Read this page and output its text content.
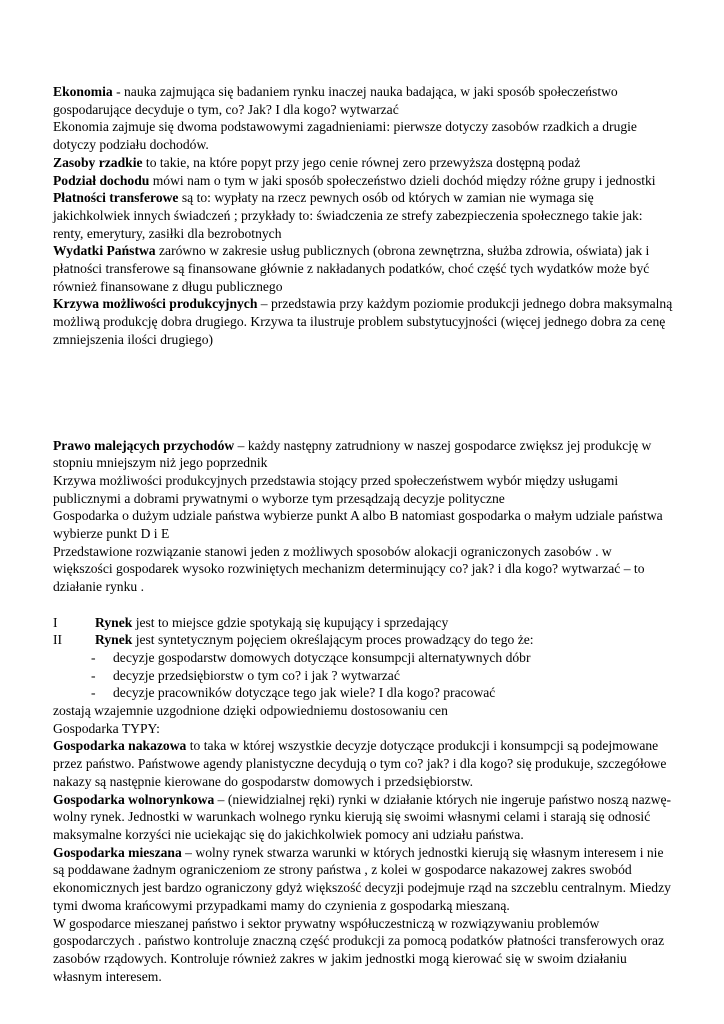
Ekonomia - nauka zajmująca się badaniem rynku inaczej nauka badająca, w jaki sposób społeczeństwo gospodarujące decyduje o tym, co? Jak? I dla kogo? wytwarzać

Ekonomia zajmuje się dwoma podstawowymi zagadnieniami: pierwsze dotyczy zasobów rzadkich a drugie dotyczy podziału dochodów.

Zasoby rzadkie to takie, na które popyt przy jego cenie równej zero przewyższa dostępną podaż

Podział dochodu mówi nam o tym w jaki sposób społeczeństwo dzieli dochód między różne grupy i jednostki

Płatności transferowe są to: wypłaty na rzecz pewnych osób od których w zamian nie wymaga się jakichkolwiek innych świadczeń ; przykłady to: świadczenia ze strefy zabezpieczenia społecznego takie jak: renty, emerytury, zasiłki dla bezrobotnych

Wydatki Państwa zarówno w zakresie usług publicznych (obrona zewnętrzna, służba zdrowia, oświata) jak i płatności transferowe są finansowane głównie z nakładanych podatków, choć część tych wydatków może być również finansowane z długu publicznego

Krzywa możliwości produkcyjnych – przedstawia przy każdym poziomie produkcji jednego dobra maksymalną możliwą produkcję dobra drugiego. Krzywa ta ilustruje problem substytucyjności (więcej jednego dobra za cenę zmniejszenia ilości drugiego)

Prawo malejących przychodów – każdy następny zatrudniony w naszej gospodarce zwiększ jej produkcję w stopniu mniejszym niż jego poprzednik

Krzywa możliwości produkcyjnych przedstawia stojący przed społeczeństwem wybór między usługami publicznymi a dobrami prywatnymi o wyborze tym przesądzają decyzje polityczne

Gospodarka o dużym udziale państwa wybierze punkt A albo B natomiast gospodarka o małym udziale państwa wybierze punkt D i E

Przedstawione rozwiązanie stanowi jeden z możliwych sposobów alokacji ograniczonych zasobów . w większości gospodarek wysoko rozwiniętych mechanizm determinujący co? jak? i dla kogo? wytwarzać – to działanie rynku .

I	Rynek jest to miejsce gdzie spotykają się kupujący i sprzedający
II	Rynek jest syntetycznym pojęciem określającym proces prowadzący do tego że:
-	decyzje gospodarstw domowych dotyczące konsumpcji alternatywnych dóbr
-	decyzje przedsiębiorstw o tym co? i jak ? wytwarzać
-	decyzje pracowników dotyczące tego jak wiele? I dla kogo? pracować

zostają wzajemnie uzgodnione dzięki odpowiedniemu dostosowaniu cen

Gospodarka TYPY:

Gospodarka nakazowa to taka w której wszystkie decyzje dotyczące produkcji i konsumpcji są podejmowane przez państwo. Państwowe agendy planistyczne decydują o tym co? jak? i dla kogo? się produkuje, szczegółowe nakazy są następnie kierowane do gospodarstw domowych i przedsiębiorstw.

Gospodarka wolnorynkowa – (niewidzialnej ręki) rynki w działanie których nie ingeruje państwo noszą nazwę- wolny rynek. Jednostki w warunkach wolnego rynku kierują się swoimi własnymi celami i starają się odnosić maksymalne korzyści nie uciekając się do jakichkolwiek pomocy ani udziału państwa.

Gospodarka mieszana – wolny rynek stwarza warunki w których jednostki kierują się własnym interesem i nie są poddawane żadnym ograniczeniom ze strony państwa , z kolei w gospodarce nakazowej zakres swobód ekonomicznych jest bardzo ograniczony gdyż większość decyzji podejmuje rząd na szczeblu centralnym. Miedzy tymi dwoma krańcowymi przypadkami mamy do czynienia z gospodarką mieszaną.

W gospodarce mieszanej państwo i sektor prywatny współuczestniczą w rozwiązywaniu problemów gospodarczych . państwo kontroluje znaczną część produkcji za pomocą podatków płatności transferowych oraz zasobów rządowych. Kontroluje również zakres w jakim jednostki mogą kierować się w swoim działaniu własnym interesem.
